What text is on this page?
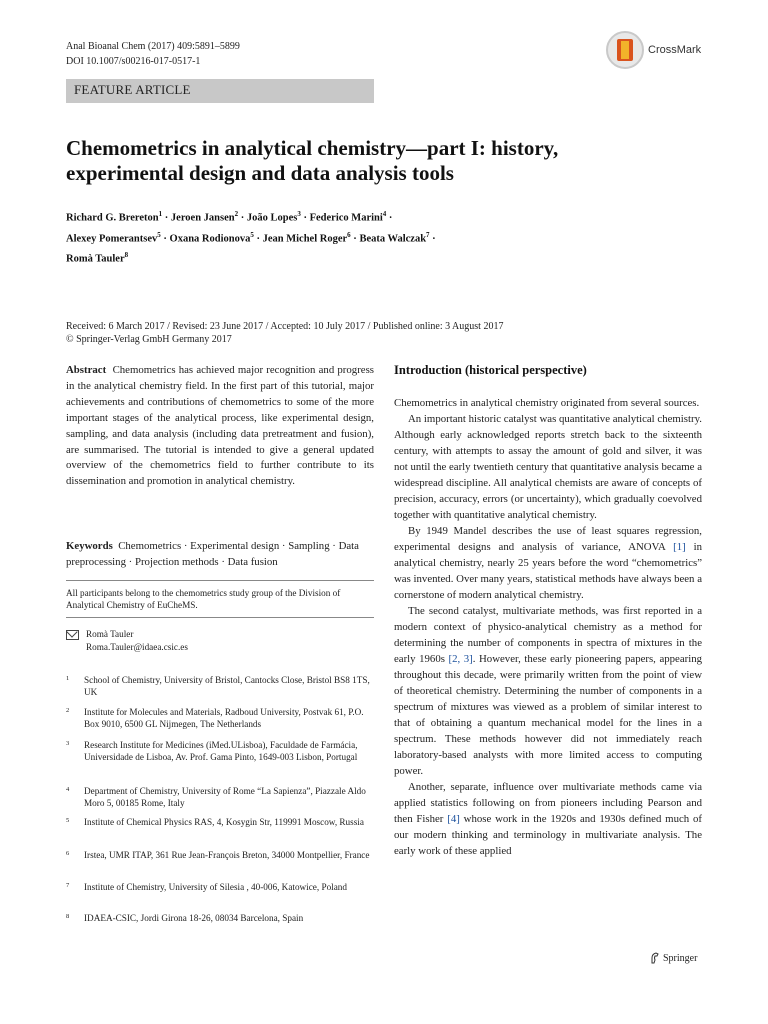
Anal Bioanal Chem (2017) 409:5891–5899
DOI 10.1007/s00216-017-0517-1
CrossMark
FEATURE ARTICLE
Chemometrics in analytical chemistry—part I: history,
experimental design and data analysis tools
Richard G. Brereton$^1$ · Jeroen Jansen$^2$ · João Lopes$^3$ · Federico Marini$^4$ ·
Alexey Pomerantsev$^5$ · Oxana Rodionova$^5$ · Jean Michel Roger$^6$ · Beata Walczak$^7$ ·
Romà Tauler$^8$
Received: 6 March 2017 / Revised: 23 June 2017 / Accepted: 10 July 2017 / Published online: 3 August 2017
© Springer-Verlag GmbH Germany 2017
Abstract Chemometrics has achieved major recognition and progress in the analytical chemistry field. In the first part of this tutorial, major achievements and contributions of chemometrics to some of the more important stages of the analytical process, like experimental design, sampling, and data analysis (including data pretreatment and fusion), are summarised. The tutorial is intended to give a general updated overview of the chemometrics field to further contribute to its dissemination and promotion in analytical chemistry.
Keywords Chemometrics · Experimental design · Sampling · Data preprocessing · Projection methods · Data fusion
All participants belong to the chemometrics study group of the Division of Analytical Chemistry of EuCheMS.
Romà Tauler
Roma.Tauler@idaea.csic.es
1 School of Chemistry, University of Bristol, Cantocks Close, Bristol BS8 1TS, UK
2 Institute for Molecules and Materials, Radboud University, Postvak 61, P.O. Box 9010, 6500 GL Nijmegen, The Netherlands
3 Research Institute for Medicines (iMed.ULisboa), Faculdade de Farmácia, Universidade de Lisboa, Av. Prof. Gama Pinto, 1649-003 Lisbon, Portugal
4 Department of Chemistry, University of Rome “La Sapienza”, Piazzale Aldo Moro 5, 00185 Rome, Italy
5 Institute of Chemical Physics RAS, 4, Kosygin Str, 119991 Moscow, Russia
6 Irstea, UMR ITAP, 361 Rue Jean-François Breton, 34000 Montpellier, France
7 Institute of Chemistry, University of Silesia , 40-006, Katowice, Poland
8 IDAEA-CSIC, Jordi Girona 18-26, 08034 Barcelona, Spain
Introduction (historical perspective)

Chemometrics in analytical chemistry originated from several sources.

An important historic catalyst was quantitative analytical chemistry. Although early acknowledged reports stretch back to the sixteenth century, with attempts to assay the amount of gold and silver, it was not until the early twentieth century that quantitative analysis became a widespread discipline. All analytical chemists are aware of concepts of precision, accuracy, errors (or uncertainty), which gradually coevolved together with quantitative analytical chemistry.

By 1949 Mandel describes the use of least squares regression, experimental designs and analysis of variance, ANOVA [1] in analytical chemistry, nearly 25 years before the word “chemometrics” was invented. Over many years, statistical methods have always been a cornerstone of modern analytical chemistry.

The second catalyst, multivariate methods, was first reported in a modern context of physico-analytical chemistry as a method for determining the number of components in spectra of mixtures in the early 1960s [2, 3]. However, these early pioneering papers, appearing throughout this decade, were primarily written from the point of view of theoretical chemistry. Determining the number of components in a spectrum of mixtures was viewed as a problem of similar interest to that of obtaining a quantum mechanical model for the lines in a spectrum. These methods however did not immediately reach laboratory-based analysts with more limited access to computing power.

Another, separate, influence over multivariate methods came via applied statistics following on from pioneers including Pearson and then Fisher [4] whose work in the 1920s and 1930s defined much of our modern thinking and terminology in multivariate analysis. The early work of these applied

Springer
